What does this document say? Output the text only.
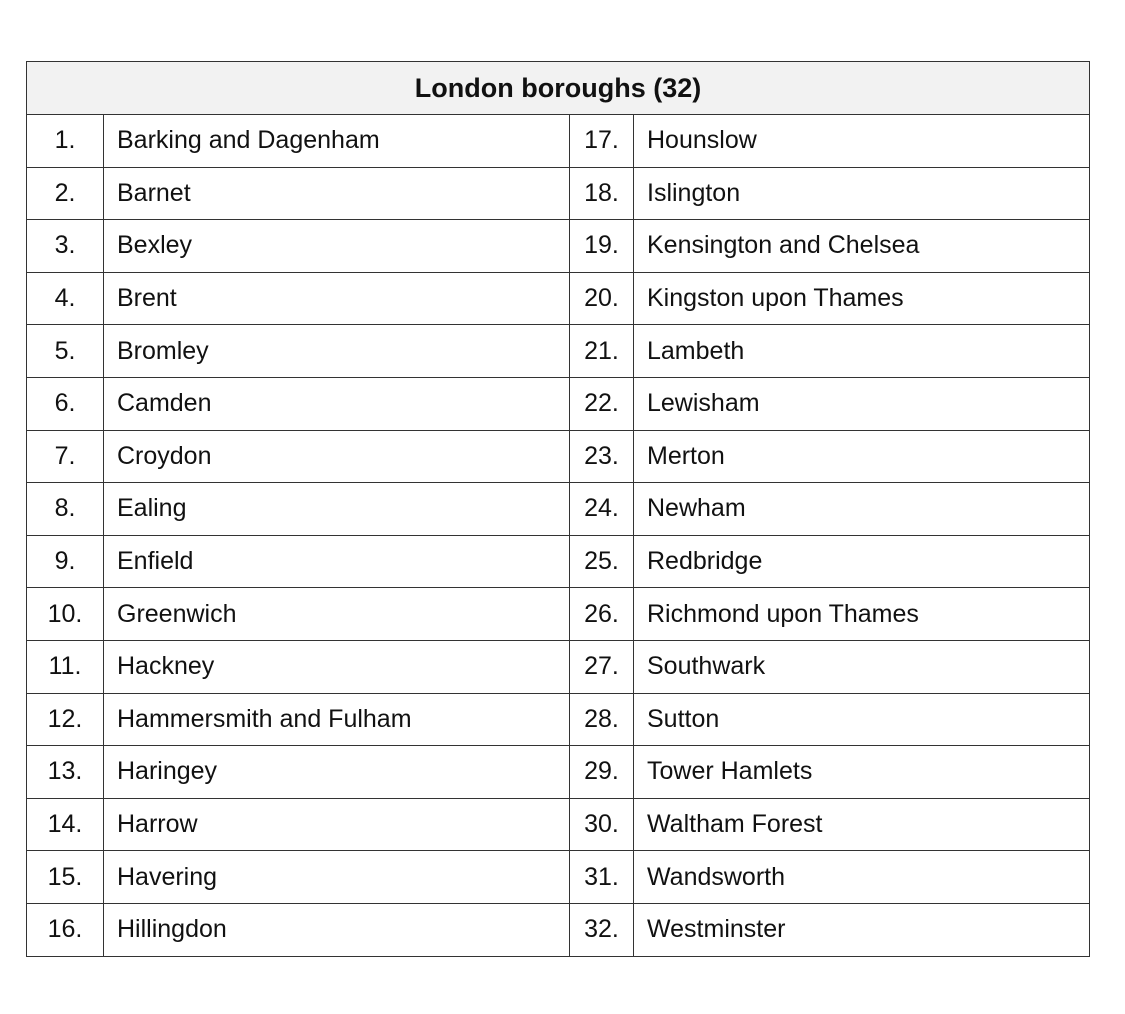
London boroughs (32)			
1.	Barking and Dagenham	17.	Hounslow
2.	Barnet	18.	Islington
3.	Bexley	19.	Kensington and Chelsea
4.	Brent	20.	Kingston upon Thames
5.	Bromley	21.	Lambeth
6.	Camden	22.	Lewisham
7.	Croydon	23.	Merton
8.	Ealing	24.	Newham
9.	Enfield	25.	Redbridge
10.	Greenwich	26.	Richmond upon Thames
11.	Hackney	27.	Southwark
12.	Hammersmith and Fulham	28.	Sutton
13.	Haringey	29.	Tower Hamlets
14.	Harrow	30.	Waltham Forest
15.	Havering	31.	Wandsworth
16.	Hillingdon	32.	Westminster
